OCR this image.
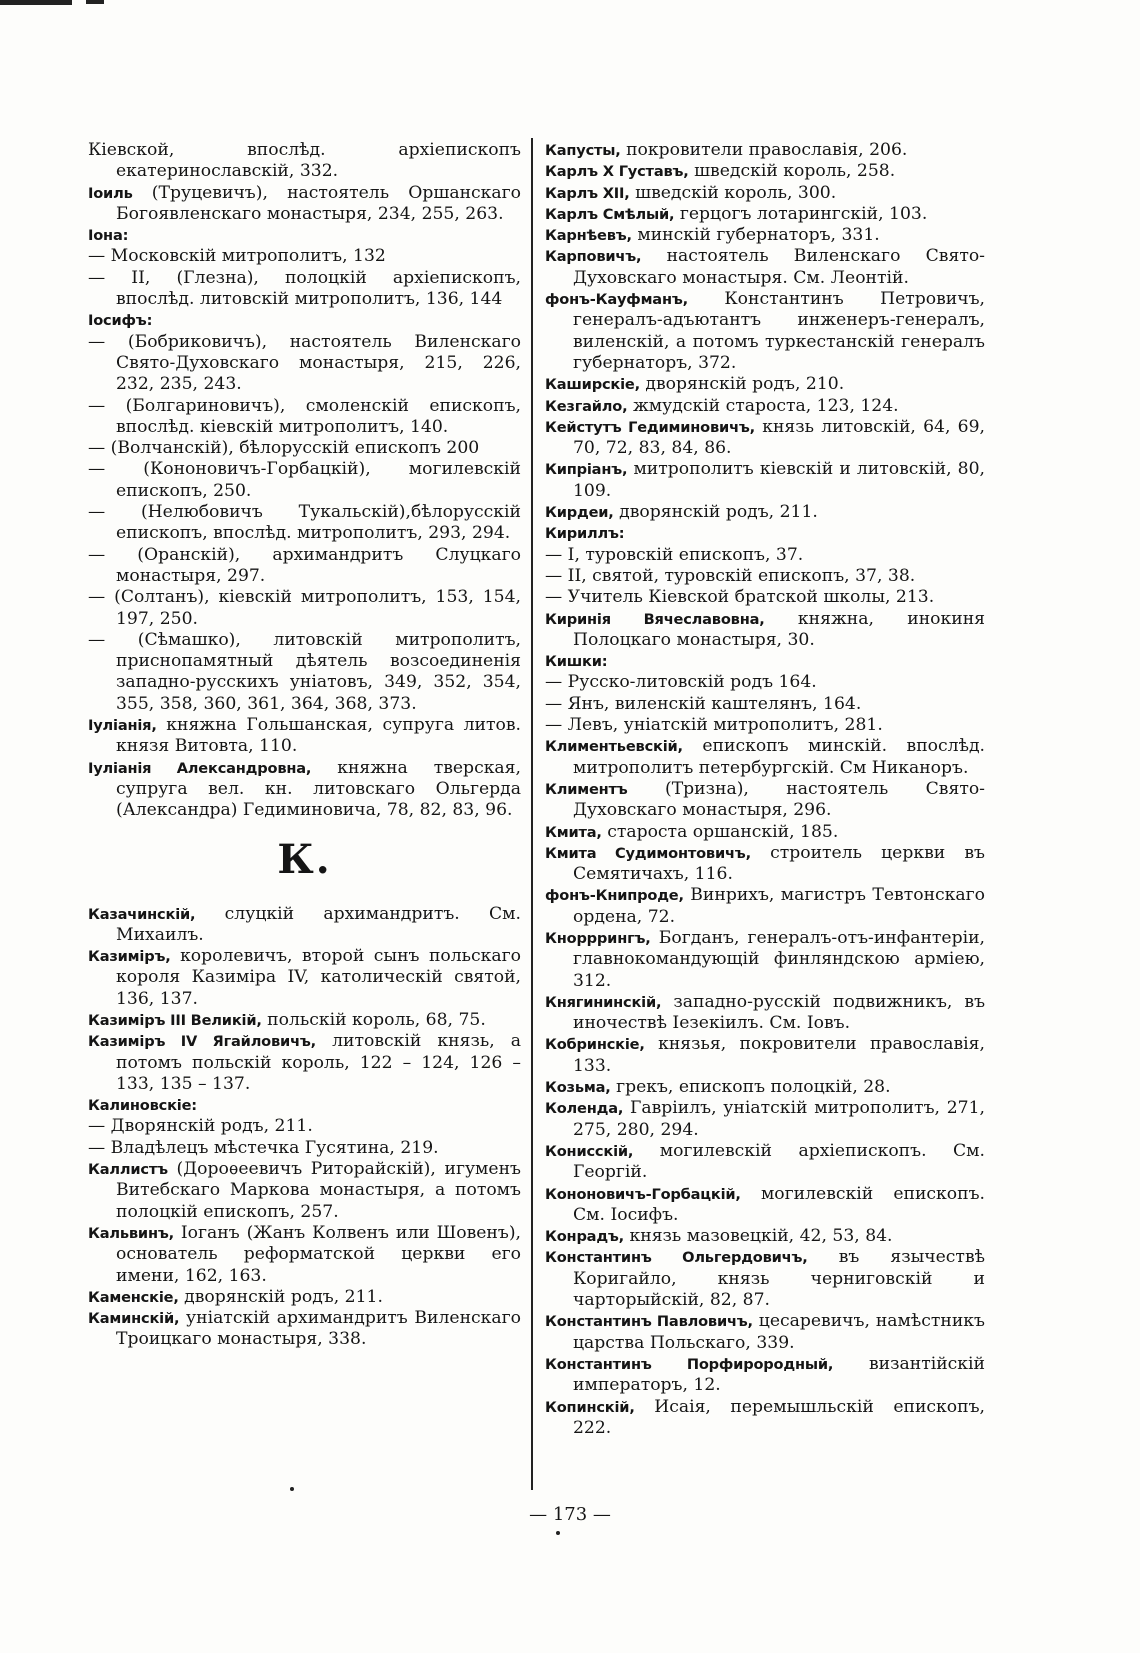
Кіевской, впослѣд. архіепископъ екатеринославскій, 332.

Іоиль (Труцевичъ), настоятель Оршанскаго Богоявленскаго монастыря, 234, 255, 263.

Іона:

— Московскій митрополитъ, 132

— II, (Глезна), полоцкій архіепископъ, впослѣд. литовскій митрополитъ, 136, 144

Іосифъ:

— (Бобриковичъ), настоятель Виленскаго Свято-Духовскаго монастыря, 215, 226, 232, 235, 243.

— (Болгариновичъ), смоленскій епископъ, впослѣд. кіевскій митрополитъ, 140.

— (Волчанскій), бѣлорусскій епископъ 200

— (Кононовичъ-Горбацкій), могилевскій епископъ, 250.

— (Нелюбовичъ Тукальскій),бѣлорусскій епископъ, впослѣд. митрополитъ, 293, 294.

— (Оранскій), архимандритъ Слуцкаго монастыря, 297.

— (Солтанъ), кіевскій митрополитъ, 153, 154, 197, 250.

— (Сѣмашко), литовскій митрополитъ, приснопамятный дѣятель возсоединенія западно-русскихъ уніатовъ, 349, 352, 354, 355, 358, 360, 361, 364, 368, 373.

Іуліанія, княжна Гольшанская, супруга литов. князя Витовта, 110.

Іуліанія Александровна, княжна тверская, супруга вел. кн. литовскаго Ольгерда (Александра) Гедиминовича, 78, 82, 83, 96.

К.

Казачинскій, слуцкій архимандритъ. См. Михаилъ.

Казиміръ, королевичъ, второй сынъ польскаго короля Казиміра IV, католическій святой, 136, 137.

Казиміръ III Великій, польскій король, 68, 75.

Казиміръ IV Ягайловичъ, литовскій князь, а потомъ польскій король, 122 – 124, 126 – 133, 135 – 137.

Калиновскіе:

— Дворянскій родъ, 211.

— Владѣлецъ мѣстечка Гусятина, 219.

Каллистъ (Дороѳеевичъ Риторайскій), игуменъ Витебскаго Маркова монастыря, а потомъ полоцкій епископъ, 257.

Кальвинъ, Іоганъ (Жанъ Колвенъ или Шовенъ), основатель реформатской церкви его имени, 162, 163.

Каменскіе, дворянскій родъ, 211.

Каминскій, уніатскій архимандритъ Виленскаго Троицкаго монастыря, 338.

Капусты, покровители православія, 206.

Карлъ X Густавъ, шведскій король, 258.

Карлъ XII, шведскій король, 300.

Карлъ Смѣлый, герцогъ лотарингскій, 103.

Карнѣевъ, минскій губернаторъ, 331.

Карповичъ, настоятель Виленскаго Свято-Духовскаго монастыря. См. Леонтій.

фонъ-Кауфманъ, Константинъ Петровичъ, генералъ-адъютантъ инженеръ-генералъ, виленскій, а потомъ туркестанскій генералъ губернаторъ, 372.

Каширскіе, дворянскій родъ, 210.

Кезгайло, жмудскій староста, 123, 124.

Кейстутъ Гедиминовичъ, князь литовскій, 64, 69, 70, 72, 83, 84, 86.

Кипріанъ, митрополитъ кіевскій и литовскій, 80, 109.

Кирдеи, дворянскій родъ, 211.

Кириллъ:

— I, туровскій епископъ, 37.

— II, святой, туровскій епископъ, 37, 38.

— Учитель Кіевской братской школы, 213.

Киринія Вячеславовна, княжна, инокиня Полоцкаго монастыря, 30.

Кишки:

— Русско-литовскій родъ 164.

— Янъ, виленскій каштелянъ, 164.

— Левъ, уніатскій митрополитъ, 281.

Климентьевскій, епископъ минскій. впослѣд. митрополитъ петербургскій. См Никаноръ.

Климентъ (Тризна), настоятель Свято-Духовскаго монастыря, 296.

Кмита, староста оршанскій, 185.

Кмита Судимонтовичъ, строитель церкви въ Семятичахъ, 116.

фонъ-Книпроде, Винрихъ, магистръ Тевтонскаго ордена, 72.

Кнорррингъ, Богданъ, генералъ-отъ-инфантеріи, главнокомандующій финляндскою арміею, 312.

Княгининскій, западно-русскій подвижникъ, въ иночествѣ Іезекіилъ. См. Іовъ.

Кобринскіе, князья, покровители православія, 133.

Козьма, грекъ, епископъ полоцкій, 28.

Коленда, Гавріилъ, уніатскій митрополитъ, 271, 275, 280, 294.

Конисскій, могилевскій архіепископъ. См. Георгій.

Кононовичъ-Горбацкій, могилевскій епископъ. См. Іосифъ.

Конрадъ, князь мазовецкій, 42, 53, 84.

Константинъ Ольгердовичъ, въ язычествѣ Коригайло, князь черниговскій и чарторыйскій, 82, 87.

Константинъ Павловичъ, цесаревичъ, намѣстникъ царства Польскаго, 339.

Константинъ Порфирородный, византійскій императоръ, 12.

Копинскій, Исаія, перемышльскій епископъ, 222.

— 173 —
